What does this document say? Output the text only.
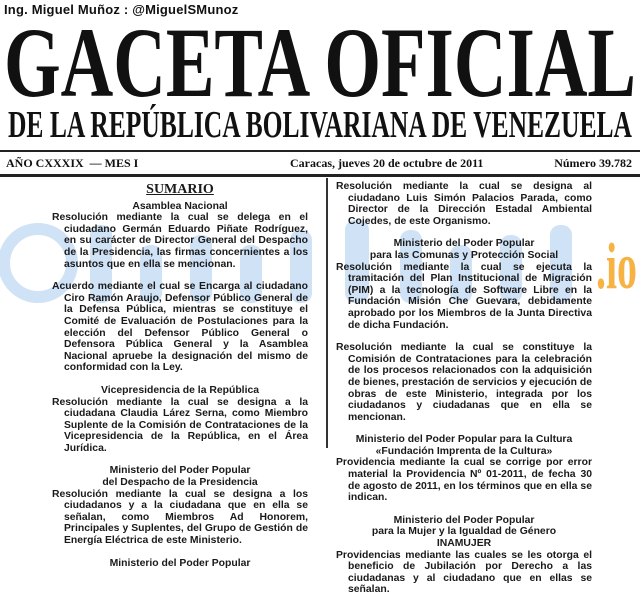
Ing. Miguel Muñoz : @MiguelSMunoz
GACETA OFICIAL
DE LA REPÚBLICA BOLIVARIANA DE VENEZUELA
AÑO CXXXIX — MES I	Caracas, jueves 20 de octubre de 2011	Número 39.782
SUMARIO
Asamblea Nacional

Resolución mediante la cual se delega en el ciudadano Germán Eduardo Piñate Rodríguez, en su carácter de Director General del Despacho de la Presidencia, las firmas concernientes a los asuntos que en ella se mencionan.

Acuerdo mediante el cual se Encarga al ciudadano Ciro Ramón Araujo, Defensor Público General de la Defensa Pública, mientras se constituye el Comité de Evaluación de Postulaciones para la elección del Defensor Público General o Defensora Pública General y la Asamblea Nacional apruebe la designación del mismo de conformidad con la Ley.

Vicepresidencia de la República

Resolución mediante la cual se designa a la ciudadana Claudia Lárez Serna, como Miembro Suplente de la Comisión de Contrataciones de la Vicepresidencia de la República, en el Área Jurídica.

Ministerio del Poder Popular
del Despacho de la Presidencia

Resolución mediante la cual se designa a los ciudadanos y a la ciudadana que en ella se señalan, como Miembros Ad Honorem, Principales y Suplentes, del Grupo de Gestión de Energía Eléctrica de este Ministerio.

Ministerio del Poder Popular

Resolución mediante la cual se designa al ciudadano Luis Simón Palacios Parada, como Director de la Dirección Estadal Ambiental Cojedes, de este Organismo.

Ministerio del Poder Popular
para las Comunas y Protección Social

Resolución mediante la cual se ejecuta la tramitación del Plan Institucional de Migración (PIM) a la tecnología de Software Libre en la Fundación Misión Che Guevara, debidamente aprobado por los Miembros de la Junta Directiva de dicha Fundación.

Resolución mediante la cual se constituye la Comisión de Contrataciones para la celebración de los procesos relacionados con la adquisición de bienes, prestación de servicios y ejecución de obras de este Ministerio, integrada por los ciudadanos y ciudadanas que en ella se mencionan.

Ministerio del Poder Popular para la Cultura
«Fundación Imprenta de la Cultura»

Providencia mediante la cual se corrige por error material la Providencia Nº 01-2011, de fecha 30 de agosto de 2011, en los términos que en ella se indican.

Ministerio del Poder Popular
para la Mujer y la Igualdad de Género
INAMUJER

Providencias mediante las cuales se les otorga el beneficio de Jubilación por Derecho a las ciudadanas y al ciudadano que en ellas se señalan.

.io
